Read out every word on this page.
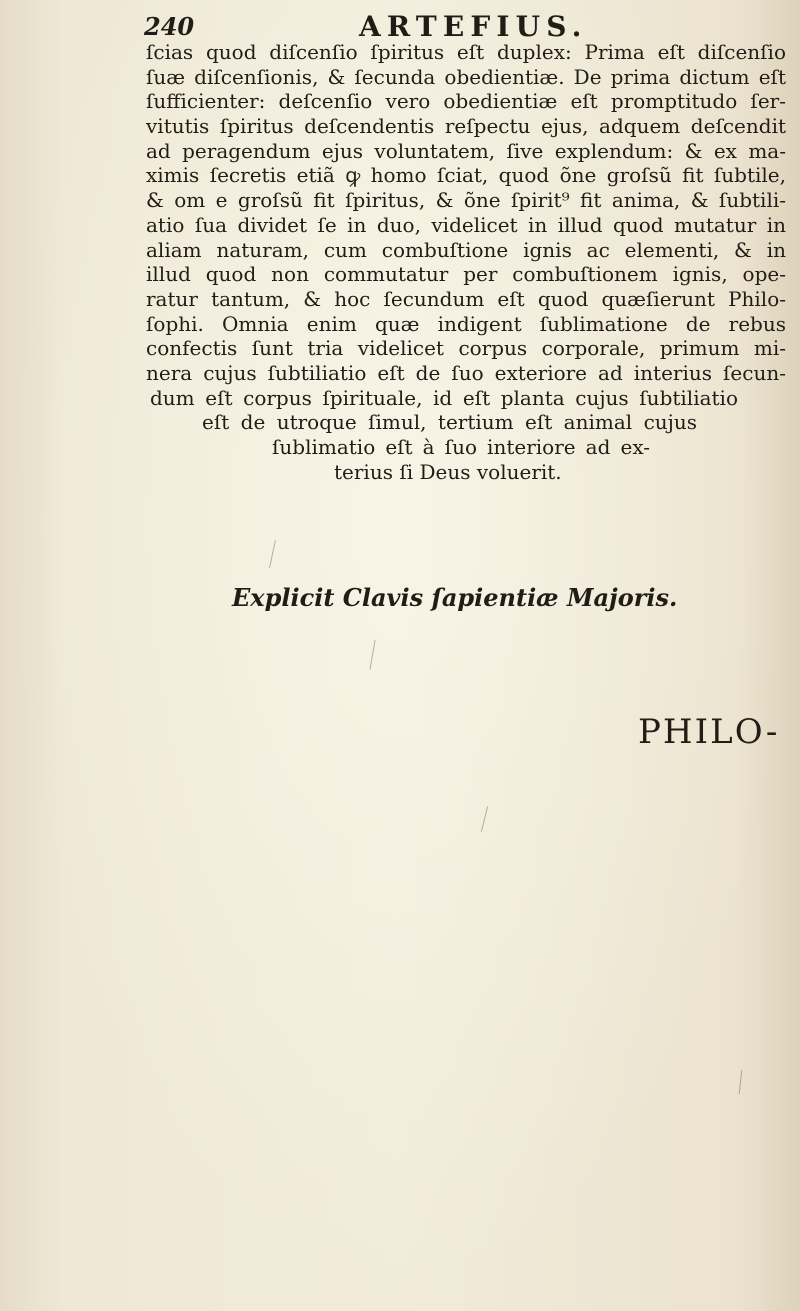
240	ARTEFIUS.
ſcias quod diſcenſio ſpiritus eſt duplex: Prima eſt diſcenſio
ſuæ diſcenſionis, & ſecunda obedientiæ. De prima dictum eſt
ſufficienter: deſcenſio vero obedientiæ eſt promptitudo ſer-
vitutis ſpiritus deſcendentis reſpectu ejus, adquem deſcendit
ad peragendum ejus voluntatem, ſive explendum: & ex ma-
ximis ſecretis etiã ꝙ homo ſciat, quod õne groſsũ fit ſubtile,
& om e groſsũ fit ſpiritus, & õne ſpirit⁹ fit anima, & ſubtili-
atio ſua dividet ſe in duo, videlicet in illud quod mutatur in
aliam naturam, cum combuſtione ignis ac elementi, & in
illud quod non commutatur per combuſtionem ignis, ope-
ratur tantum, & hoc ſecundum eſt quod quæſierunt Philo-
ſophi. Omnia enim quæ indigent ſublimatione de rebus
confectis ſunt tria videlicet corpus corporale, primum mi-
nera cujus ſubtiliatio eſt de ſuo exteriore ad interius ſecun-
dum eſt corpus ſpirituale, id eſt planta cujus ſubtiliatio
eſt de utroque ſimul, tertium eſt animal cujus
ſublimatio eſt à ſuo interiore ad ex-
terius ſi Deus voluerit.
Explicit Clavis ſapientiæ Majoris.
PHILO-
